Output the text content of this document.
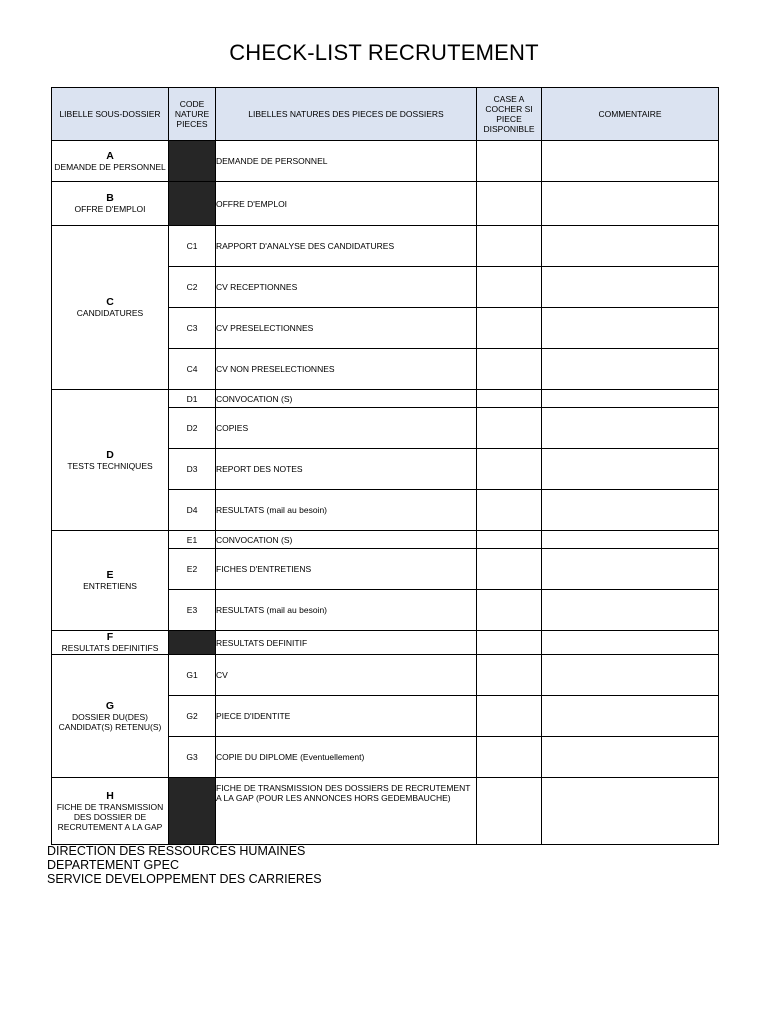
CHECK-LIST RECRUTEMENT
LIBELLE SOUS-DOSSIER	CODE NATURE PIECES	LIBELLES NATURES DES PIECES DE DOSSIERS	CASE A COCHER SI PIECE DISPONIBLE	COMMENTAIRE

A
DEMANDE DE PERSONNEL		DEMANDE DE PERSONNEL		

B
OFFRE D'EMPLOI		OFFRE D'EMPLOI		

C
CANDIDATURES	C1	RAPPORT D'ANALYSE DES CANDIDATURES		
	C2	CV RECEPTIONNES		
	C3	CV PRESELECTIONNES		
	C4	CV NON PRESELECTIONNES		

D
TESTS TECHNIQUES	D1	CONVOCATION (S)		
	D2	COPIES		
	D3	REPORT DES NOTES		
	D4	RESULTATS (mail au besoin)		

E
ENTRETIENS	E1	CONVOCATION (S)		
	E2	FICHES D'ENTRETIENS		
	E3	RESULTATS (mail au besoin)		

F
RESULTATS DEFINITIFS		RESULTATS DEFINITIF		

G
DOSSIER DU(DES) CANDIDAT(S) RETENU(S)	G1	CV		
	G2	PIECE D'IDENTITE		
	G3	COPIE DU DIPLOME (Eventuellement)		

H
FICHE DE TRANSMISSION DES DOSSIER DE RECRUTEMENT A LA GAP		FICHE DE TRANSMISSION DES DOSSIERS DE RECRUTEMENT A LA GAP (POUR LES ANNONCES HORS GEDEMBAUCHE)		
DIRECTION DES RESSOURCES HUMAINES
DEPARTEMENT GPEC
SERVICE DEVELOPPEMENT DES CARRIERES
